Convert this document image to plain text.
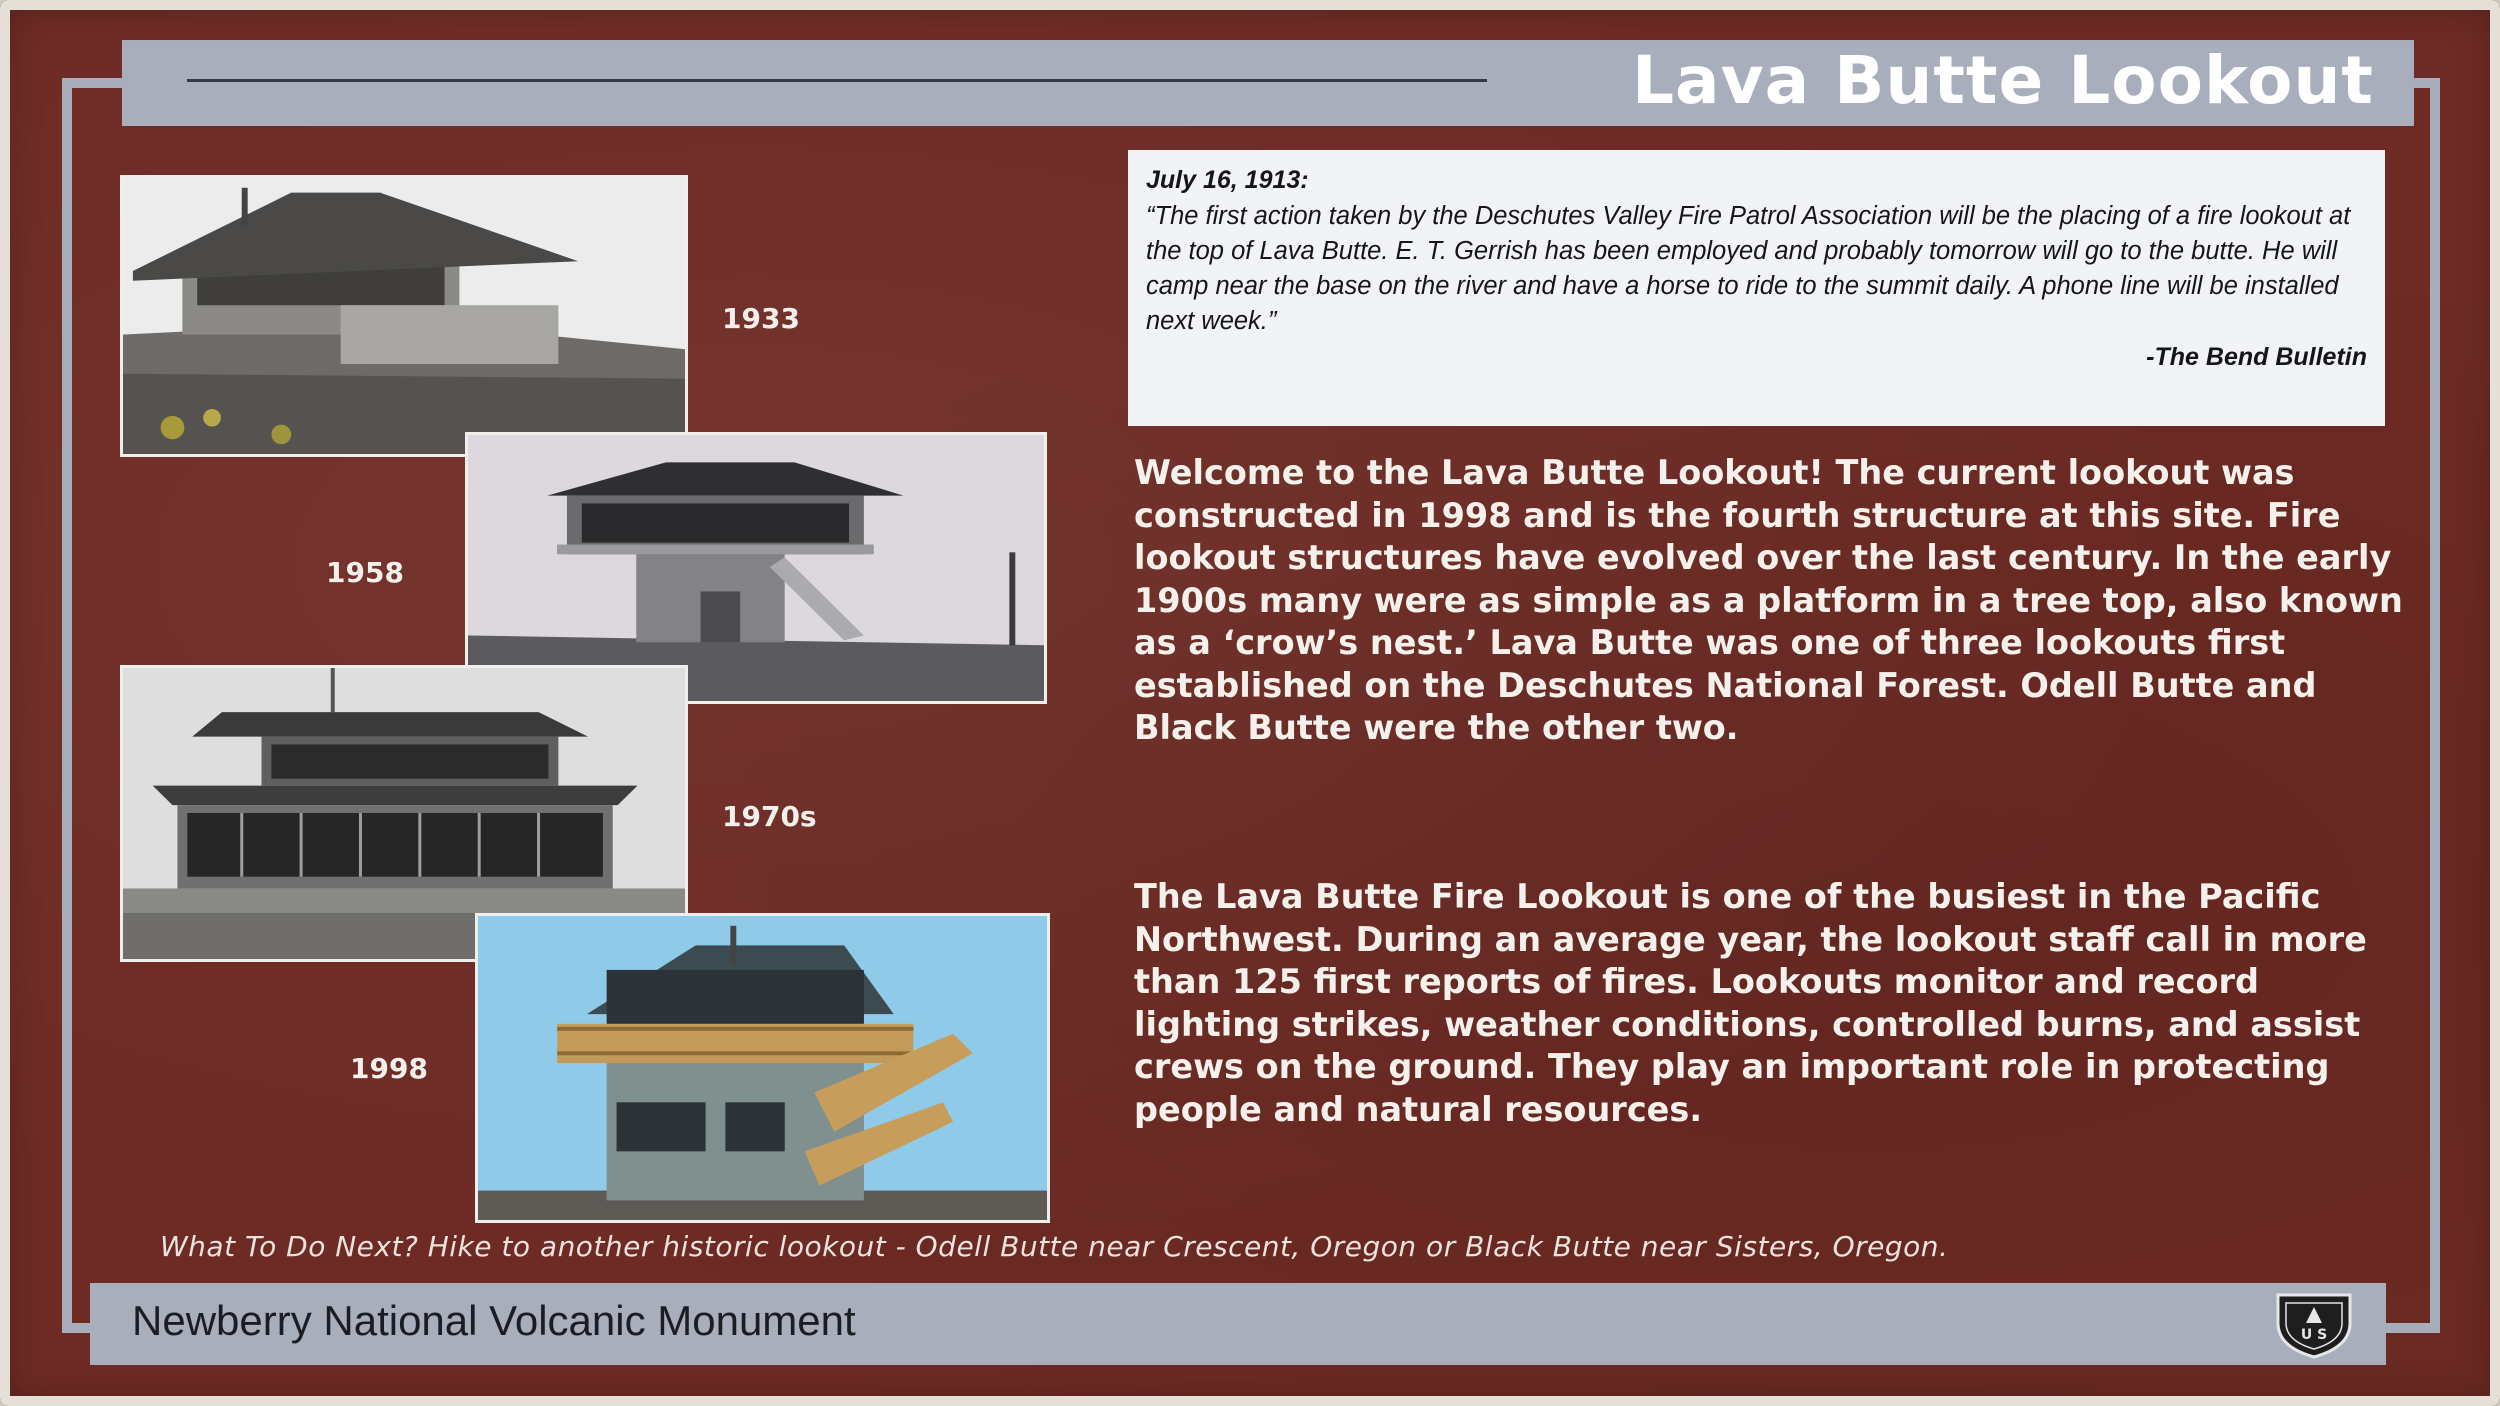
Lava Butte Lookout
1933
1958
1970s
1998
July 16, 1913:
“The first action taken by the Deschutes Valley Fire Patrol Association will be the placing of a fire lookout at the top of Lava Butte. E. T. Gerrish has been employed and probably tomorrow will go to the butte. He will camp near the base on the river and have a horse to ride to the summit daily. A phone line will be installed next week.”
-The Bend Bulletin
Welcome to the Lava Butte Lookout! The current lookout was constructed in 1998 and is the fourth structure at this site. Fire lookout structures have evolved over the last century. In the early 1900s many were as simple as a platform in a tree top, also known as a ‘crow’s nest.’ Lava Butte was one of three lookouts first established on the Deschutes National Forest. Odell Butte and Black Butte were the other two.
The Lava Butte Fire Lookout is one of the busiest in the Pacific Northwest. During an average year, the lookout staff call in more than 125 first reports of fires. Lookouts monitor and record lighting strikes, weather conditions, controlled burns, and assist crews on the ground. They play an important role in protecting people and natural resources.
What To Do Next? Hike to another historic lookout - Odell Butte near Crescent, Oregon or Black Butte near Sisters, Oregon.
Newberry National Volcanic Monument	U S
